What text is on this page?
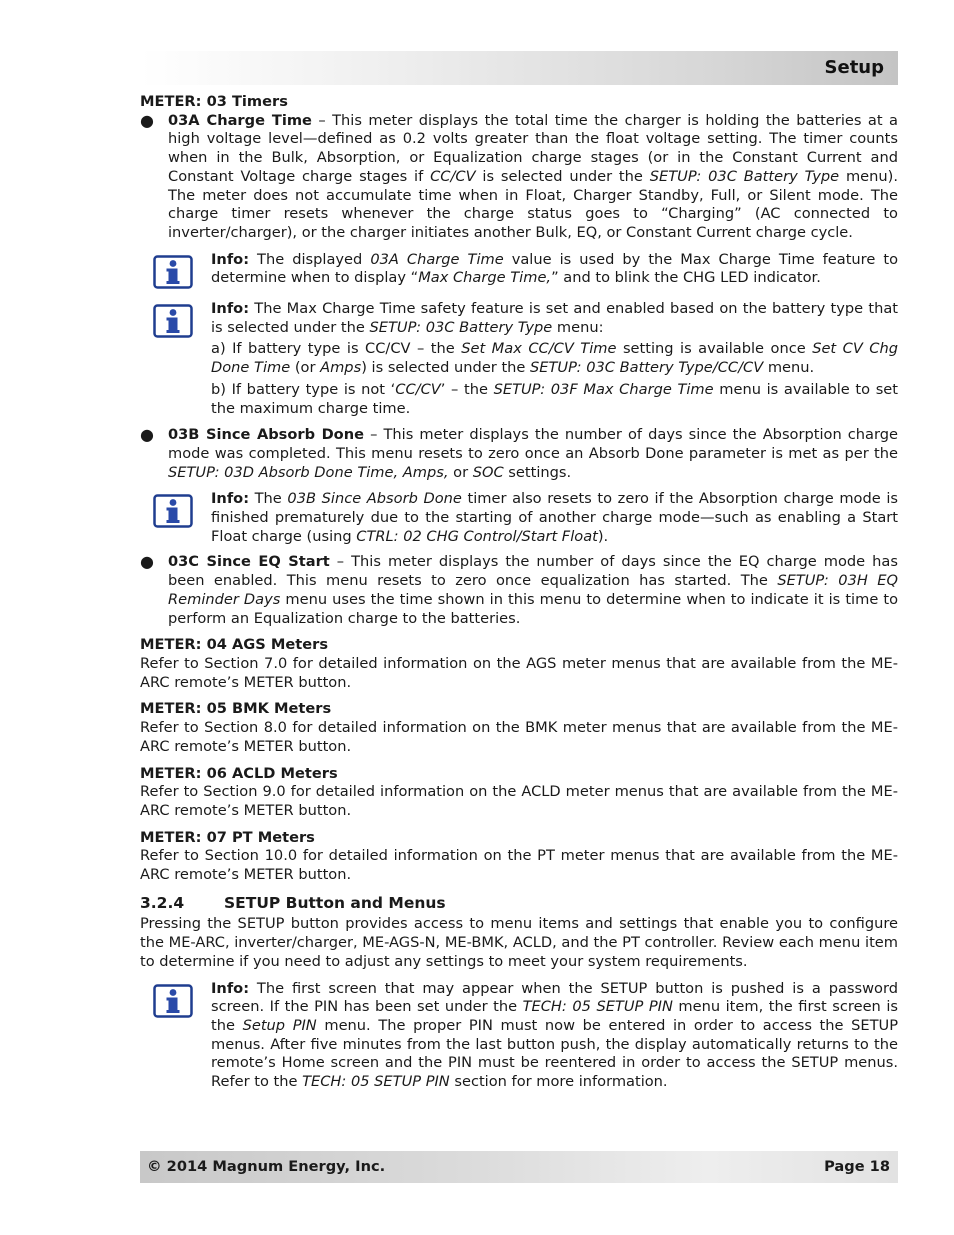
Setup
METER: 03 Timers
● 03A Charge Time – This meter displays the total time the charger is holding the batteries at a high voltage level—defined as 0.2 volts greater than the float voltage setting. The timer counts when in the Bulk, Absorption, or Equalization charge stages (or in the Constant Current and Constant Voltage charge stages if CC/CV is selected under the SETUP: 03C Battery Type menu). The meter does not accumulate time when in Float, Charger Standby, Full, or Silent mode. The charge timer resets whenever the charge status goes to “Charging” (AC connected to inverter/charger), or the charger initiates another Bulk, EQ, or Constant Current charge cycle.
Info: The displayed 03A Charge Time value is used by the Max Charge Time feature to determine when to display “Max Charge Time,” and to blink the CHG LED indicator.
Info: The Max Charge Time safety feature is set and enabled based on the battery type that is selected under the SETUP: 03C Battery Type menu:
a) If battery type is CC/CV – the Set Max CC/CV Time setting is available once Set CV Chg Done Time (or Amps) is selected under the SETUP: 03C Battery Type/CC/CV menu.
b) If battery type is not ‘CC/CV’ – the SETUP: 03F Max Charge Time menu is available to set the maximum charge time.
● 03B Since Absorb Done – This meter displays the number of days since the Absorption charge mode was completed. This menu resets to zero once an Absorb Done parameter is met as per the SETUP: 03D Absorb Done Time, Amps, or SOC settings.
Info: The 03B Since Absorb Done timer also resets to zero if the Absorption charge mode is finished prematurely due to the starting of another charge mode—such as enabling a Start Float charge (using CTRL: 02 CHG Control/Start Float).
● 03C Since EQ Start – This meter displays the number of days since the EQ charge mode has been enabled. This menu resets to zero once equalization has started. The SETUP: 03H EQ Reminder Days menu uses the time shown in this menu to determine when to indicate it is time to perform an Equalization charge to the batteries.
METER: 04 AGS Meters

Refer to Section 7.0 for detailed information on the AGS meter menus that are available from the ME-ARC remote’s METER button.

METER: 05 BMK Meters

Refer to Section 8.0 for detailed information on the BMK meter menus that are available from the ME-ARC remote’s METER button.

METER: 06 ACLD Meters

Refer to Section 9.0 for detailed information on the ACLD meter menus that are available from the ME-ARC remote’s METER button.

METER: 07 PT Meters

Refer to Section 10.0 for detailed information on the PT meter menus that are available from the ME-ARC remote’s METER button.

3.2.4	SETUP Button and Menus

Pressing the SETUP button provides access to menu items and settings that enable you to configure the ME-ARC, inverter/charger, ME-AGS-N, ME-BMK, ACLD, and the PT controller. Review each menu item to determine if you need to adjust any settings to meet your system requirements.

Info: The first screen that may appear when the SETUP button is pushed is a password screen. If the PIN has been set under the TECH: 05 SETUP PIN menu item, the first screen is the Setup PIN menu. The proper PIN must now be entered in order to access the SETUP menus. After five minutes from the last button push, the display automatically returns to the remote’s Home screen and the PIN must be reentered in order to access the SETUP menus. Refer to the TECH: 05 SETUP PIN section for more information.
© 2014 Magnum Energy, Inc.	Page 18
